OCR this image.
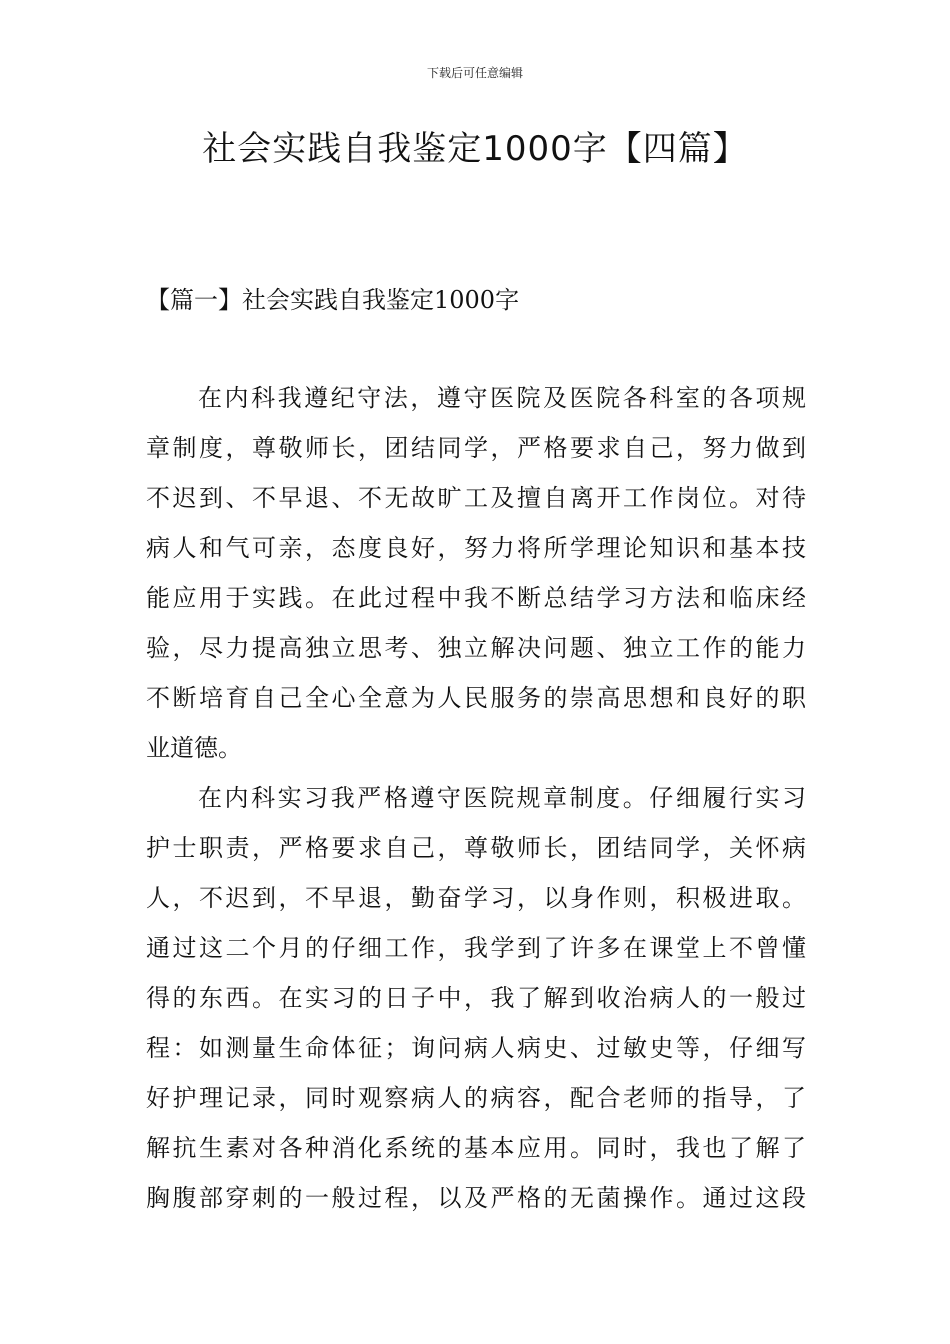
下载后可任意编辑
社会实践自我鉴定1000字【四篇】
【篇一】社会实践自我鉴定1000字

在内科我遵纪守法，遵守医院及医院各科室的各项规

章制度，尊敬师长，团结同学，严格要求自己，努力做到

不迟到、不早退、不无故旷工及擅自离开工作岗位。对待

病人和气可亲，态度良好，努力将所学理论知识和基本技

能应用于实践。在此过程中我不断总结学习方法和临床经

验，尽力提高独立思考、独立解决问题、独立工作的能力

不断培育自己全心全意为人民服务的崇高思想和良好的职

业道德。

在内科实习我严格遵守医院规章制度。仔细履行实习

护士职责，严格要求自己，尊敬师长，团结同学，关怀病

人，不迟到，不早退，勤奋学习，以身作则，积极进取。

通过这二个月的仔细工作，我学到了许多在课堂上不曾懂

得的东西。在实习的日子中，我了解到收治病人的一般过

程：如测量生命体征；询问病人病史、过敏史等，仔细写

好护理记录，同时观察病人的病容，配合老师的指导，了

解抗生素对各种消化系统的基本应用。同时，我也了解了

胸腹部穿刺的一般过程，以及严格的无菌操作。通过这段
